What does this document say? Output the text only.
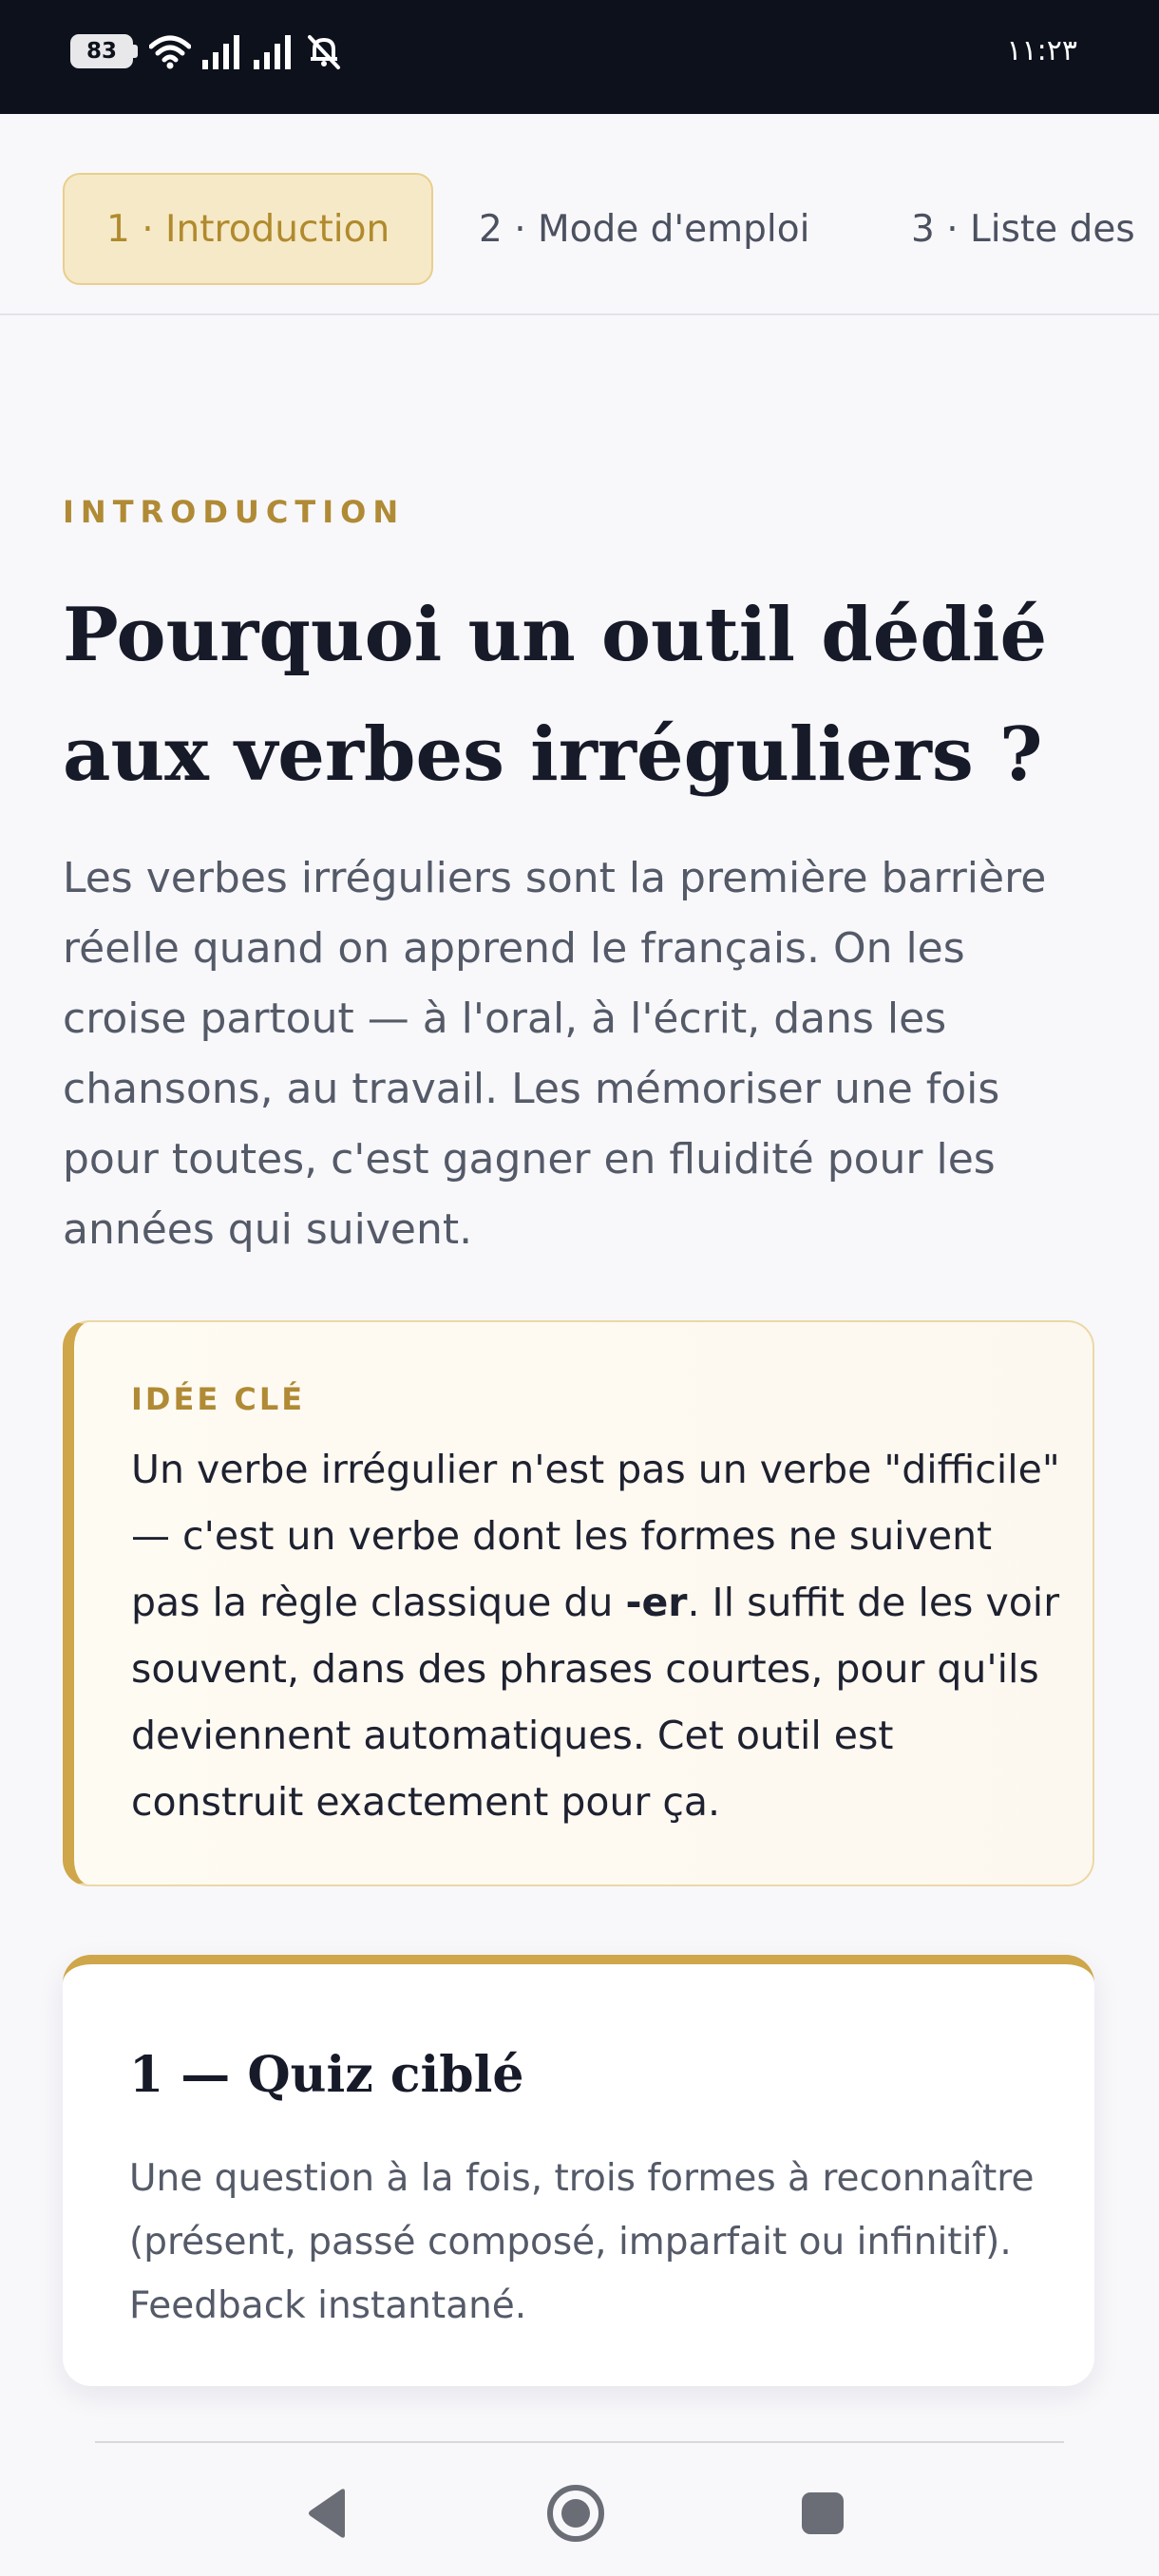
83	١١:٢٣
1 · Introduction	2 · Mode d'emploi	3 · Liste des
INTRODUCTION
Pourquoi un outil dédié aux verbes irréguliers ?

Les verbes irréguliers sont la première barrière réelle quand on apprend le français. On les croise partout — à l'oral, à l'écrit, dans les chansons, au travail. Les mémoriser une fois pour toutes, c'est gagner en fluidité pour les années qui suivent.

IDÉE CLÉ

Un verbe irrégulier n'est pas un verbe "difficile" — c'est un verbe dont les formes ne suivent pas la règle classique du -er. Il suffit de les voir souvent, dans des phrases courtes, pour qu'ils deviennent automatiques. Cet outil est construit exactement pour ça.

1 — Quiz ciblé

Une question à la fois, trois formes à reconnaître (présent, passé composé, imparfait ou infinitif). Feedback instantané.
